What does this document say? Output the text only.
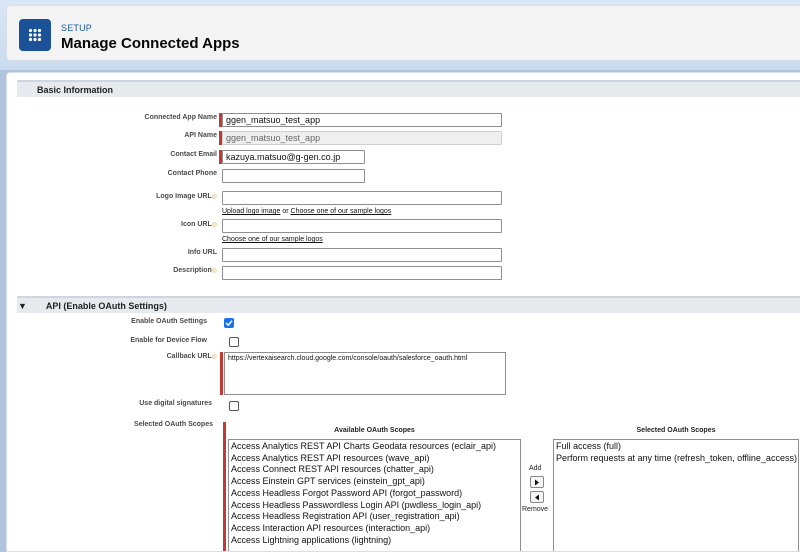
SETUP
Manage Connected Apps
Basic Information
Connected App Name	ggen_matsuo_test_app
API Name	ggen_matsuo_test_app
Contact Email	kazuya.matsuo@g-gen.co.jp
Contact Phone
Logo Image URL◎
Upload logo image or Choose one of our sample logos
Icon URL◎
Choose one of our sample logos
Info URL
Description◎
▼ API (Enable OAuth Settings)
Enable OAuth Settings
Enable for Device Flow
Callback URL◎	https://vertexaisearch.cloud.google.com/console/oauth/salesforce_oauth.html
Use digital signatures
Selected OAuth Scopes
Available OAuth Scopes
Access Analytics REST API Charts Geodata resources (eclair_api)
Access Analytics REST API resources (wave_api)
Access Connect REST API resources (chatter_api)
Access Einstein GPT services (einstein_gpt_api)
Access Headless Forgot Password API (forgot_password)
Access Headless Passwordless Login API (pwdless_login_api)
Access Headless Registration API (user_registration_api)
Access Interaction API resources (interaction_api)
Access Lightning applications (lightning)
Add
Remove
Selected OAuth Scopes
Full access (full)
Perform requests at any time (refresh_token, offline_access)
